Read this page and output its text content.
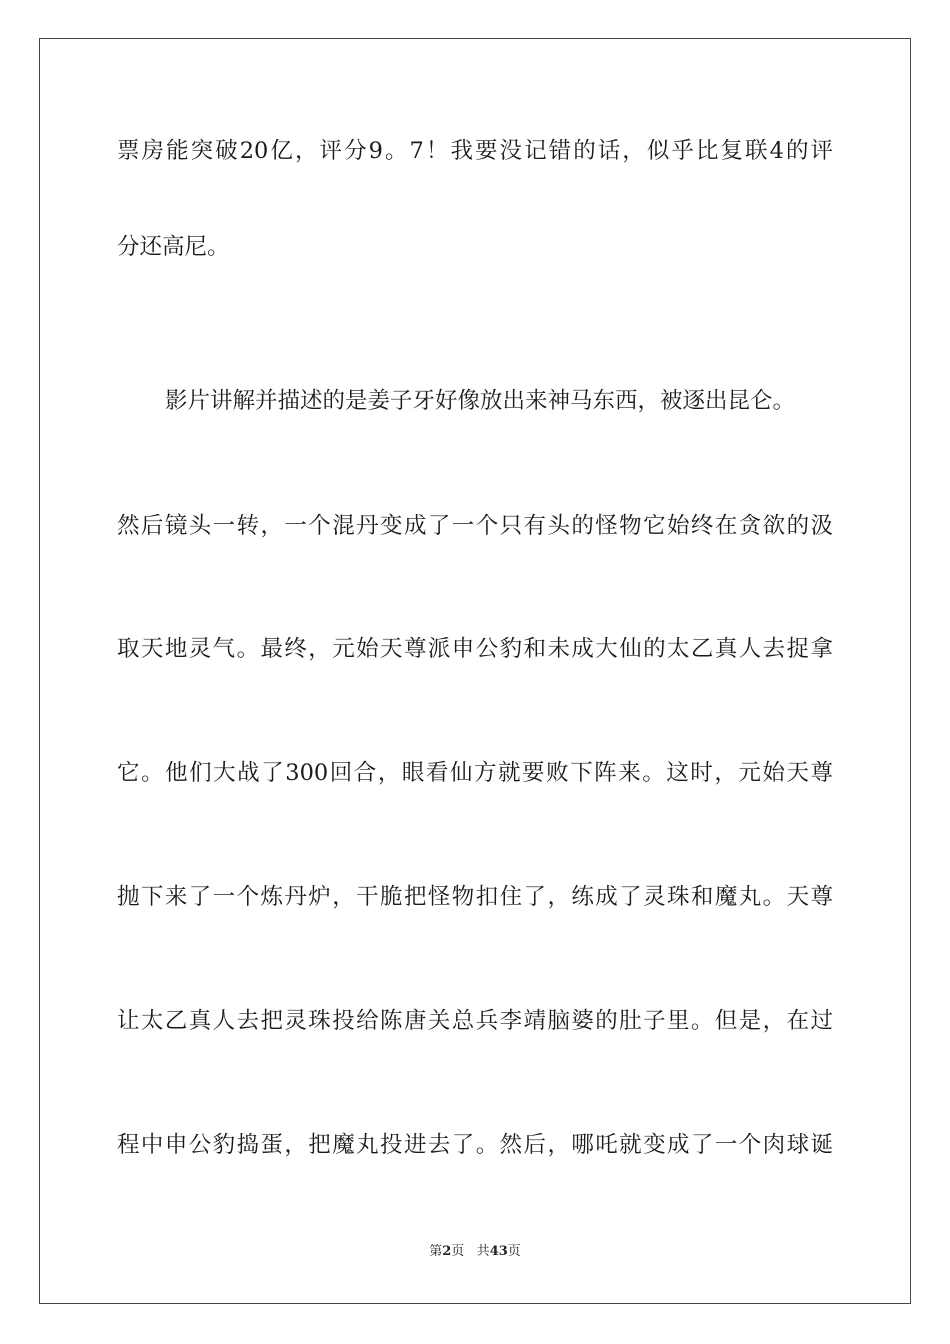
票房能突破20亿，评分9。7！我要没记错的话，似乎比复联4的评
分还高尼。
影片讲解并描述的是姜子牙好像放出来神马东西，被逐出昆仑。
然后镜头一转，一个混丹变成了一个只有头的怪物它始终在贪欲的汲
取天地灵气。最终，元始天尊派申公豹和未成大仙的太乙真人去捉拿
它。他们大战了300回合，眼看仙方就要败下阵来。这时，元始天尊
抛下来了一个炼丹炉，干脆把怪物扣住了，练成了灵珠和魔丸。天尊
让太乙真人去把灵珠投给陈唐关总兵李靖脑婆的肚子里。但是，在过
程中申公豹捣蛋，把魔丸投进去了。然后，哪吒就变成了一个肉球诞
第2页 共43页
